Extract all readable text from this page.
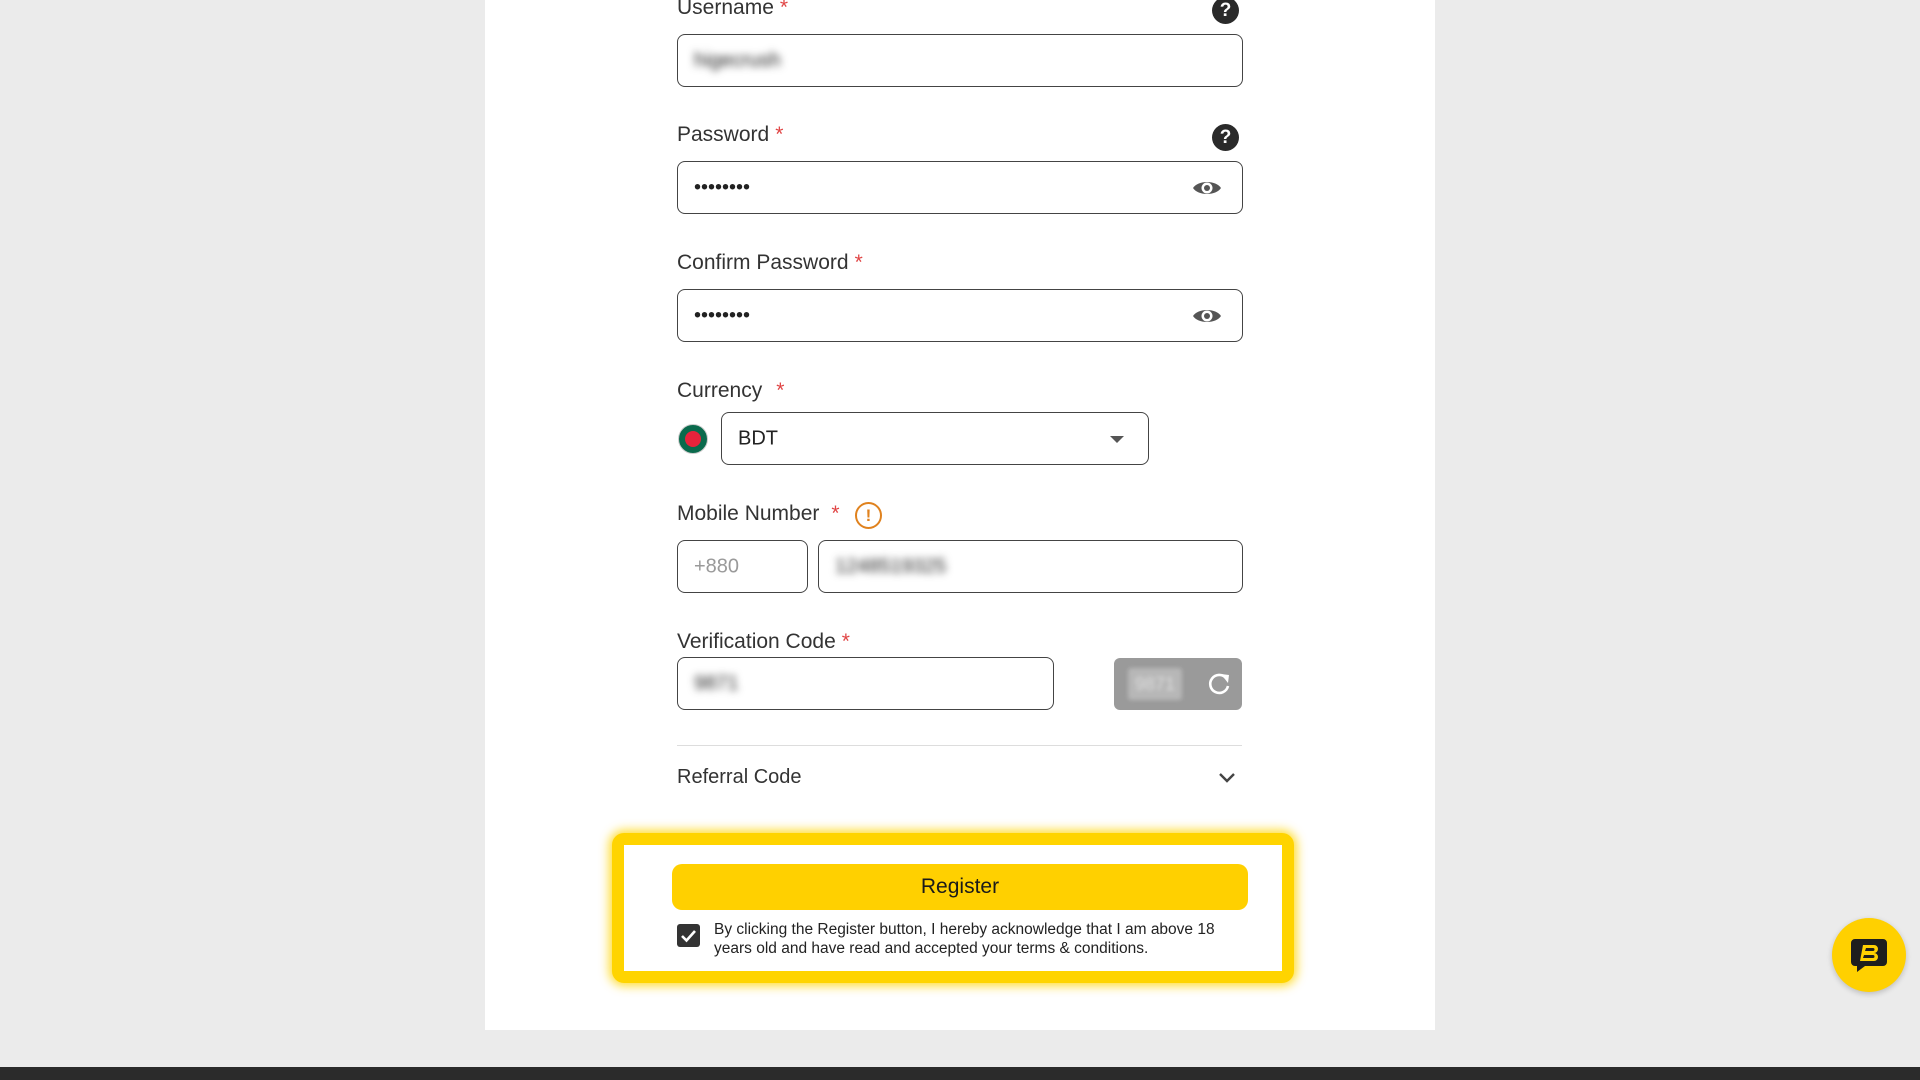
Username *	?
higecrush
Password *	?
••••••••
Confirm Password *
••••••••
Currency *
BDT
Mobile Number *	!
+880	1248519325
Verification Code *
9871	9871
Referral Code
Register
By clicking the Register button, I hereby acknowledge that I am above 18 years old and have read and accepted your terms & conditions.
